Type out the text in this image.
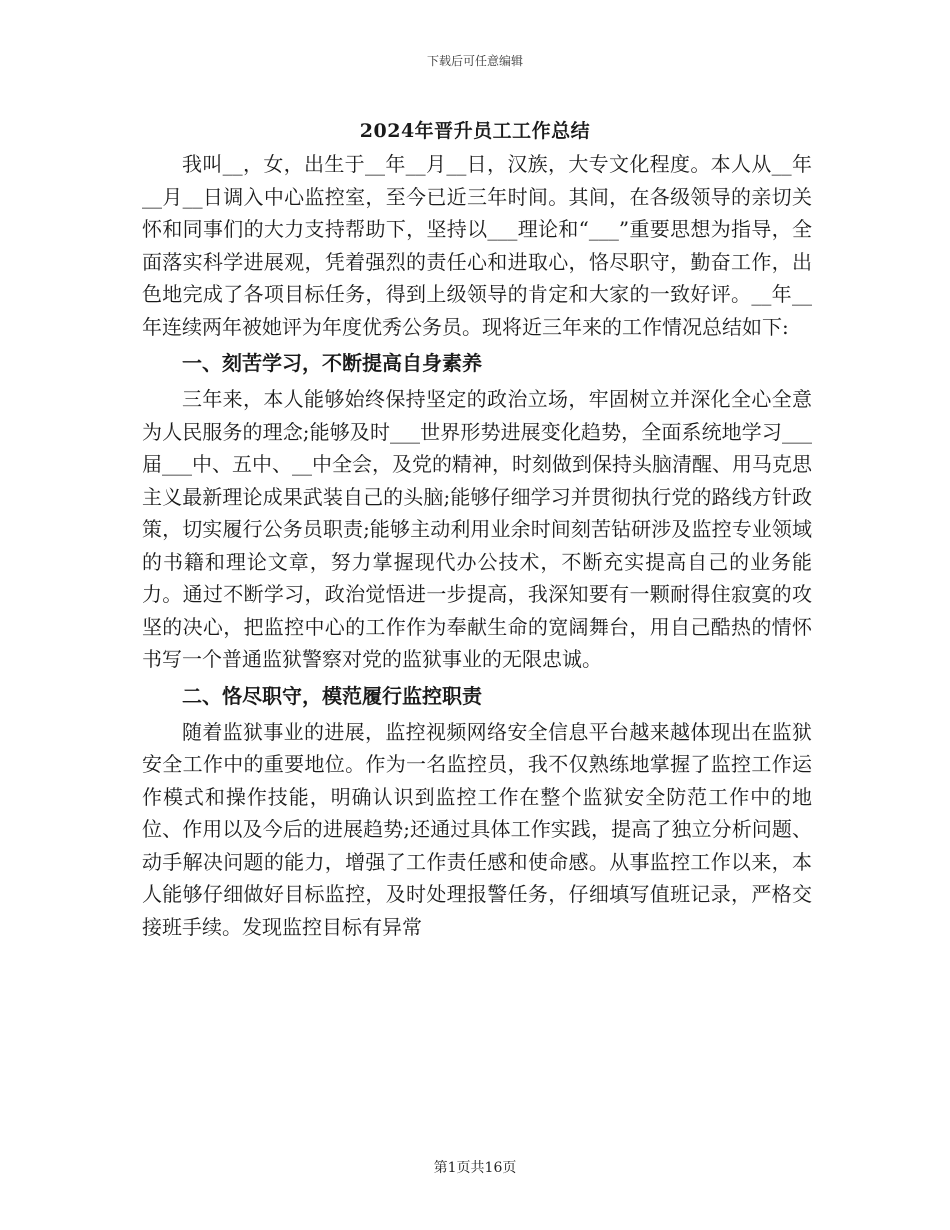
下载后可任意编辑
2024年晋升员工工作总结

我叫__，女，出生于__年__月__日，汉族，大专文化程度。本人从__年__月__日调入中心监控室，至今已近三年时间。其间，在各级领导的亲切关怀和同事们的大力支持帮助下，坚持以___理论和“___”重要思想为指导，全面落实科学进展观，凭着强烈的责任心和进取心，恪尽职守，勤奋工作，出色地完成了各项目标任务，得到上级领导的肯定和大家的一致好评。__年__年连续两年被她评为年度优秀公务员。现将近三年来的工作情况总结如下:

一、刻苦学习，不断提高自身素养

三年来，本人能够始终保持坚定的政治立场，牢固树立并深化全心全意为人民服务的理念;能够及时___世界形势进展变化趋势，全面系统地学习___届___中、五中、__中全会，及党的精神，时刻做到保持头脑清醒、用马克思主义最新理论成果武装自己的头脑;能够仔细学习并贯彻执行党的路线方针政策，切实履行公务员职责;能够主动利用业余时间刻苦钻研涉及监控专业领域的书籍和理论文章，努力掌握现代办公技术，不断充实提高自己的业务能力。通过不断学习，政治觉悟进一步提高，我深知要有一颗耐得住寂寞的攻坚的决心，把监控中心的工作作为奉献生命的宽阔舞台，用自己酷热的情怀书写一个普通监狱警察对党的监狱事业的无限忠诚。

二、恪尽职守，模范履行监控职责

随着监狱事业的进展，监控视频网络安全信息平台越来越体现出在监狱安全工作中的重要地位。作为一名监控员，我不仅熟练地掌握了监控工作运作模式和操作技能，明确认识到监控工作在整个监狱安全防范工作中的地位、作用以及今后的进展趋势;还通过具体工作实践，提高了独立分析问题、动手解决问题的能力，增强了工作责任感和使命感。从事监控工作以来，本人能够仔细做好目标监控，及时处理报警任务，仔细填写值班记录，严格交接班手续。发现监控目标有异常

第1页共16页
